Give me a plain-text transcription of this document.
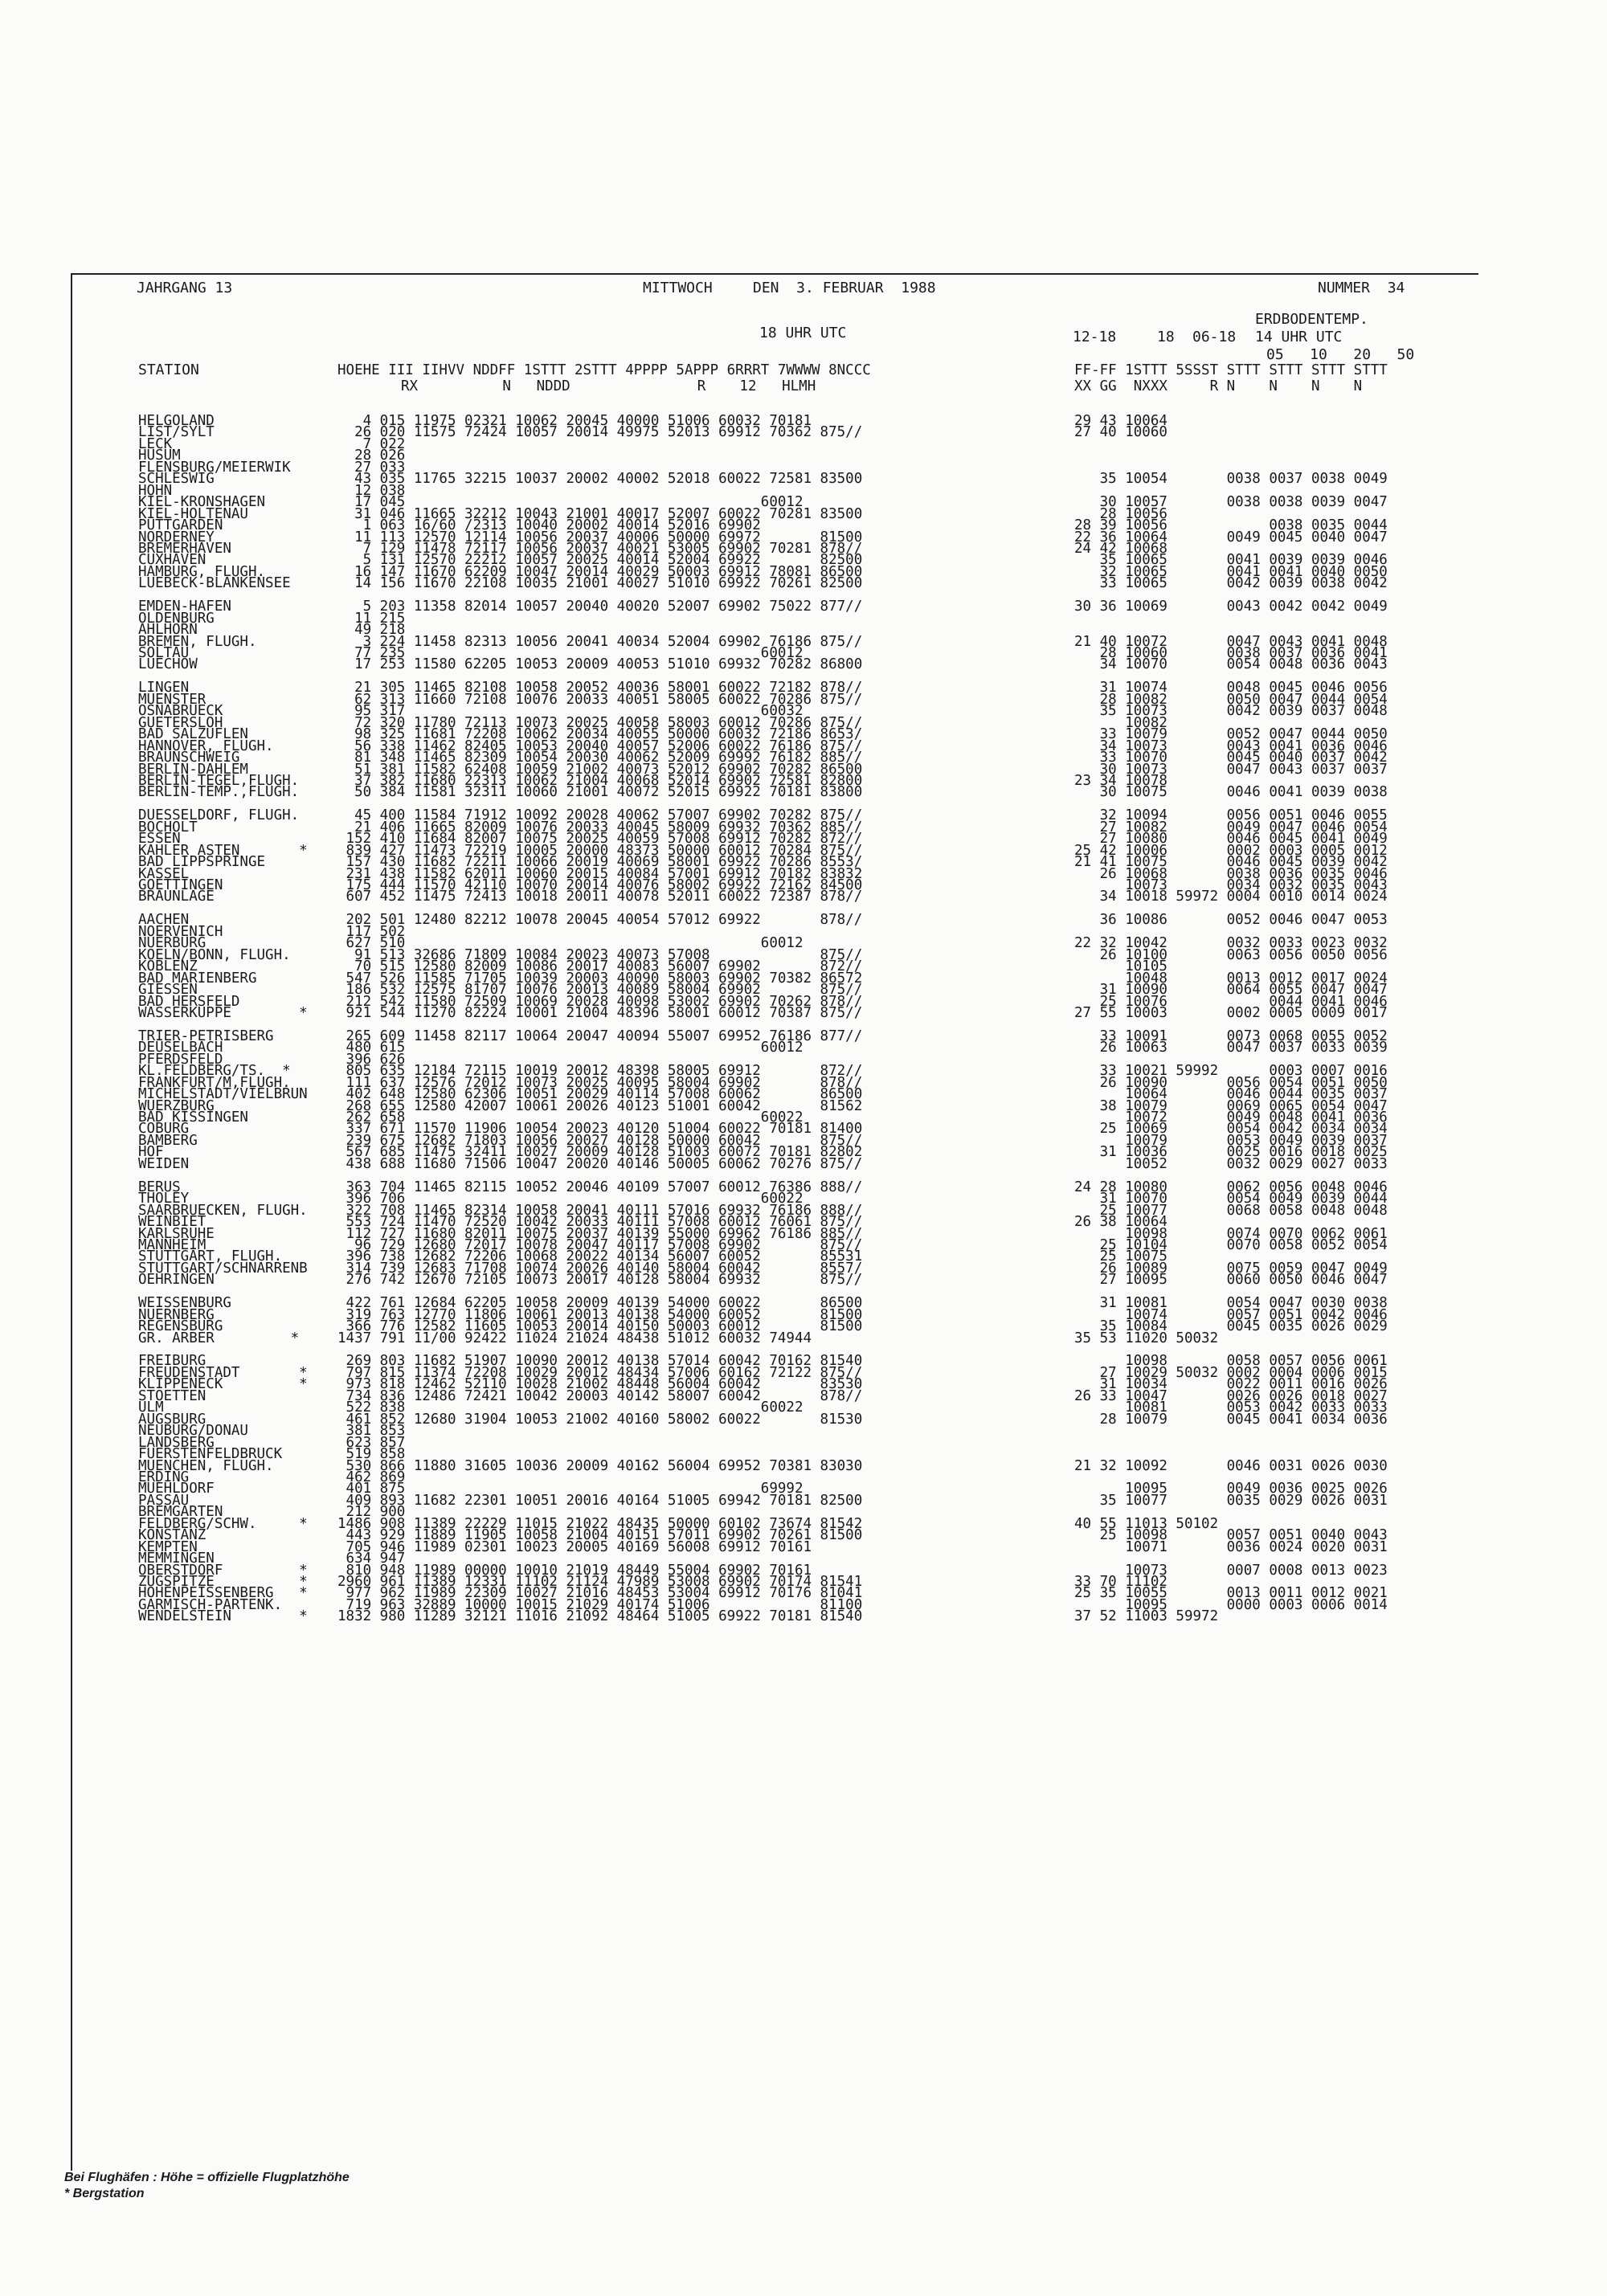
JAHRGANG 13	MITTWOCH	DEN  3. FEBRUAR  1988	NUMMER  34
ERDBODENTEMP.
18 UHR UTC	12-18	18 06-18 14 UHR UTC
05   10   20   50
STATION	HOEHE III IIHVV NDDFF 1STTT 2STTT 4PPPP 5APPP 6RRRT 7WWWW 8NCCC
RX          N   NDDD               R    12   HLMH
FF-FF 1STTT 5SSST STTT STTT STTT STTT
XX GG  NXXX     R N    N    N    N
HELGOLAND	4 015 11975 02321 10062 20045 40000 51006 60032 70181	29 43 10064
LIST/SYLT	26 020 11575 72424 10057 20014 49975 52013 69912 70362 875//	27 40 10060
LECK	7 022
HUSUM	28 026
FLENSBURG/MEIERWIK	27 033
SCHLESWIG	43 035 11765 32215 10037 20002 40002 52018 60022 72581 83500	35 10054       0038 0037 0038 0049
HOHN	12 038
KIEL-KRONSHAGEN	17 045                                          60012	30 10057       0038 0038 0039 0047
KIEL-HOLTENAU	31 046 11665 32212 10043 21001 40017 52007 60022 70281 83500	28 10056
PUTTGARDEN	1 063 16/60 /2313 10040 20002 40014 52016 69902	28 39 10056            0038 0035 0044
NORDERNEY	11 113 12570 12114 10056 20037 40006 50000 69972       81500	22 36 10064       0049 0045 0040 0047
BREMERHAVEN	7 129 11478 72117 10056 20037 40021 53005 69902 70281 878//	24 42 10068
CUXHAVEN	5 131 12570 22212 10057 20025 40014 52004 69922       82500	35 10065       0041 0039 0039 0046
HAMBURG, FLUGH.	16 147 11670 62209 10047 20014 40029 50003 69912 78081 86500	32 10065       0041 0041 0040 0050
LUEBECK-BLANKENSEE	14 156 11670 22108 10035 21001 40027 51010 69922 70261 82500	33 10065       0042 0039 0038 0042
EMDEN-HAFEN	5 203 11358 82014 10057 20040 40020 52007 69902 75022 877//	30 36 10069       0043 0042 0042 0049
OLDENBURG	11 215
AHLHORN	49 218
BREMEN, FLUGH.	3 224 11458 82313 10056 20041 40034 52004 69902 76186 875//	21 40 10072       0047 0043 0041 0048
SOLTAU	77 235                                          60012	28 10060       0038 0037 0036 0041
LUECHOW	17 253 11580 62205 10053 20009 40053 51010 69932 70282 86800	34 10070       0054 0048 0036 0043
LINGEN	21 305 11465 82108 10058 20052 40036 58001 60022 72182 878//	31 10074       0048 0045 0046 0056
MUENSTER	62 313 11660 72108 10076 20033 40051 58005 60022 70286 875//	28 10082       0050 0047 0044 0054
OSNABRUECK	95 317                                          60032	35 10073       0042 0039 0037 0048
GUETERSLOH	72 320 11780 72113 10073 20025 40058 58003 60012 70286 875//	10082
BAD SALZUFLEN	98 325 11681 72208 10062 20034 40055 50000 60032 72186 8653/	33 10079       0052 0047 0044 0050
HANNOVER, FLUGH.	56 338 11462 82405 10053 20040 40057 52006 60022 76186 875//	34 10073       0043 0041 0036 0046
BRAUNSCHWEIG	81 348 11465 82309 10054 20030 40062 52009 69992 76182 885//	33 10070       0045 0040 0037 0042
BERLIN-DAHLEM	51 381 11582 62408 10059 21002 40073 52012 69902 70282 86500	30 10073       0047 0043 0037 0037
BERLIN-TEGEL,FLUGH.	37 382 11680 22313 10062 21004 40068 52014 69902 72581 82800	23 34 10078
BERLIN-TEMP.,FLUGH.	50 384 11581 32311 10060 21001 40072 52015 69922 70181 83800	30 10075       0046 0041 0039 0038
DUESSELDORF, FLUGH.	45 400 11584 71912 10092 20028 40062 57007 69902 70282 875//	32 10094       0056 0051 0046 0055
BOCHOLT	21 406 11665 82009 10076 20033 40045 58009 69932 70362 885//	27 10082       0049 0047 0046 0054
ESSEN	152 410 11684 82007 10075 20025 40059 57008 69912 70282 872//	27 10080       0046 0045 0041 0049
KAHLER ASTEN       * 839 427 11473 72219 10005 20000 48373 50000 60012 70284 875//	25 42 10006       0002 0003 0005 0012
BAD LIPPSPRINGE	157 430 11682 72211 10066 20019 40069 58001 69922 70286 8553/	21 41 10075       0046 0045 0039 0042
KASSEL	231 438 11582 62011 10060 20015 40084 57001 69912 70182 83832	26 10068       0038 0036 0035 0046
GOETTINGEN	175 444 11570 42110 10070 20014 40076 58002 69922 72162 84500	10073       0034 0032 0035 0043
BRAUNLAGE	607 452 11475 72413 10018 20011 40078 52011 60022 72387 878//	34 10018 59972 0004 0010 0014 0024
AACHEN	202 501 12480 82212 10078 20045 40054 57012 69922       878//	36 10086       0052 0046 0047 0053
NOERVENICH	117 502
NUERBURG	627 510                                          60012	22 32 10042       0032 0033 0023 0032
KOELN/BONN, FLUGH.	91 513 32686 71809 10084 20023 40073 57008             875//	26 10100       0063 0056 0050 0056
KOBLENZ	70 515 12580 82009 10086 20017 40083 56007 69902       872//	10105
BAD MARIENBERG	547 526 11585 71705 10039 20003 40090 58003 69902 70382 86572	10048       0013 0012 0017 0024
GIESSEN	186 532 12575 81707 10076 20013 40089 58004 69902       875//	31 10090       0064 0055 0047 0047
BAD HERSFELD	212 542 11580 72509 10069 20028 40098 53002 69902 70262 878//	25 10076            0044 0041 0046
WASSERKUPPE        * 921 544 11270 82224 10001 21004 48396 58001 60012 70387 875//	27 55 10003       0002 0005 0009 0017
TRIER-PETRISBERG	265 609 11458 82117 10064 20047 40094 55007 69952 76186 877//	33 10091       0073 0068 0055 0052
DEUSELBACH	480 615                                          60012	26 10063       0047 0037 0033 0039
PFERDSFELD	396 626
KL.FELDBERG/TS.  *	805 635 12184 72115 10019 20012 48398 58005 69912       872//	33 10021 59992      0003 0007 0016
FRANKFURT/M,FLUGH.	111 637 12576 72012 10073 20025 40095 58004 69902       878//	26 10090       0056 0054 0051 0050
MICHELSTADT/VIELBRUN 402 648 12580 62306 10051 20029 40114 57008 60062       86500	10064       0046 0044 0035 0037
WUERZBURG	268 655 12580 42007 10061 20026 40123 51001 60042       81562	38 10079       0069 0065 0054 0047
BAD KISSINGEN	262 658                                          60022	10072       0049 0048 0041 0036
COBURG	337 671 11570 11906 10054 20023 40120 51004 60022 70181 81400	25 10069       0054 0042 0034 0034
BAMBERG	239 675 12682 71803 10056 20027 40128 50000 60042       875//	10079       0053 0049 0039 0037
HOF	567 685 11475 32411 10027 20009 40128 51003 60072 70181 82802	31 10036       0025 0016 0018 0025
WEIDEN	438 688 11680 71506 10047 20020 40146 50005 60062 70276 875//	10052       0032 0029 0027 0033
BERUS	363 704 11465 82115 10052 20046 40109 57007 60012 76386 888//	24 28 10080       0062 0056 0048 0046
THOLEY	396 706                                          60022	31 10070       0054 0049 0039 0044
SAARBRUECKEN, FLUGH. 322 708 11465 82314 10058 20041 40111 57016 69932 76186 888//	25 10077       0068 0058 0048 0048
WEINBIET	553 724 11470 72520 10042 20033 40111 57008 60012 76061 875//	26 38 10064
KARLSRUHE	112 727 11680 82011 10075 20037 40139 55000 69962 76186 885//	10098       0074 0070 0062 0061
MANNHEIM	96 729 12680 72017 10078 20047 40117 57008 69902       875//	25 10104       0070 0058 0052 0054
STUTTGART, FLUGH.	396 738 12682 72206 10068 20022 40134 56007 60052       85531	25 10075
STUTTGART/SCHNARRENB 314 739 12683 71708 10074 20026 40140 58004 60042       8557/	26 10089       0075 0059 0047 0049
OEHRINGEN	276 742 12670 72105 10073 20017 40128 58004 69932       875//	27 10095       0060 0050 0046 0047
WEISSENBURG	422 761 12684 62205 10058 20009 40139 54000 60022       86500	31 10081       0054 0047 0030 0038
NUERNBERG	319 763 12770 11806 10061 20013 40138 54000 60052       81500	10074       0057 0051 0042 0046
REGENSBURG	366 776 12582 11605 10053 20014 40150 50003 60012       81500	35 10084       0045 0035 0026 0029
GR. ARBER         *	1437 791 11/00 92422 11024 21024 48438 51012 60032 74944	35 53 11020 50032
FREIBURG	269 803 11682 51907 10090 20012 40138 57014 60042 70162 81540	10098       0058 0057 0056 0061
FREUDENSTADT       * 797 815 11374 72208 10029 20012 48434 57006 60162 72122 875//	27 10029 50032 0002 0004 0006 0015
KLIPPENECK         * 973 818 12462 52110 10028 21002 48448 56004 60042       83530	31 10034       0022 0011 0016 0026
STOETTEN	734 836 12486 72421 10042 20003 40142 58007 60042       878//	26 33 10047       0026 0026 0018 0027
ULM	522 838                                          60022	10081       0053 0042 0033 0033
AUGSBURG	461 852 12680 31904 10053 21002 40160 58002 60022       81530	28 10079       0045 0041 0034 0036
NEUBURG/DONAU	381 853
LANDSBERG	623 857
FUERSTENFELDBRUCK	519 858
MUENCHEN, FLUGH.	530 866 11880 31605 10036 20009 40162 56004 69952 70381 83030	21 32 10092       0046 0031 0026 0030
ERDING	462 869
MUEHLDORF	401 875                                          69992	10095       0049 0036 0025 0026
PASSAU	409 893 11682 22301 10051 20016 40164 51005 69942 70181 82500	35 10077       0035 0029 0026 0031
BREMGARTEN	212 900
FELDBERG/SCHW.     * 1486 908 11389 22229 11015 21022 48435 50000 60102 73674 81542	40 55 11013 50102
KONSTANZ	443 929 11889 11905 10058 21004 40151 57011 69902 70261 81500	25 10098       0057 0051 0040 0043
KEMPTEN	705 946 11989 02301 10023 20005 40169 56008 69912 70161	10071       0036 0024 0020 0031
MEMMINGEN	634 947
OBERSTDORF         * 810 948 11989 00000 10010 21019 48449 55004 69902 70161	10073       0007 0008 0013 0023
ZUGSPITZE          * 2960 961 11389 12331 11102 21124 47989 53008 69902 70174 81541	33 70 11102
HOHENPEISSENBERG   * 977 962 11989 22309 10027 21016 48453 53004 69912 70176 81041	25 35 10055       0013 0011 0012 0021
GARMISCH-PARTENK.	719 963 32889 10000 10015 21029 40174 51006             81100	10095       0000 0003 0006 0014
WENDELSTEIN        * 1832 980 11289 32121 11016 21092 48464 51005 69922 70181 81540	37 52 11003 59972
Bei Flughäfen : Höhe = offizielle Flugplatzhöhe
* Bergstation
